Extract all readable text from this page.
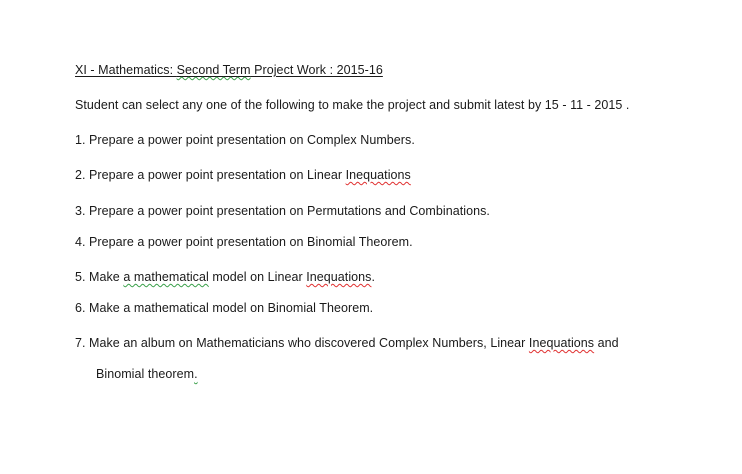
XI - Mathematics: Second Term Project Work : 2015-16
Student can select any one of the following to make the project and submit latest by 15 - 11 - 2015 .
1. Prepare a power point presentation on Complex Numbers.
2. Prepare a power point presentation on Linear Inequations
3. Prepare a power point presentation on Permutations and Combinations.
4. Prepare a power point presentation on Binomial Theorem.
5. Make a mathematical model on Linear Inequations.
6. Make a mathematical model on Binomial Theorem.
7. Make an album on Mathematicians who discovered Complex Numbers, Linear Inequations and
Binomial theorem.
